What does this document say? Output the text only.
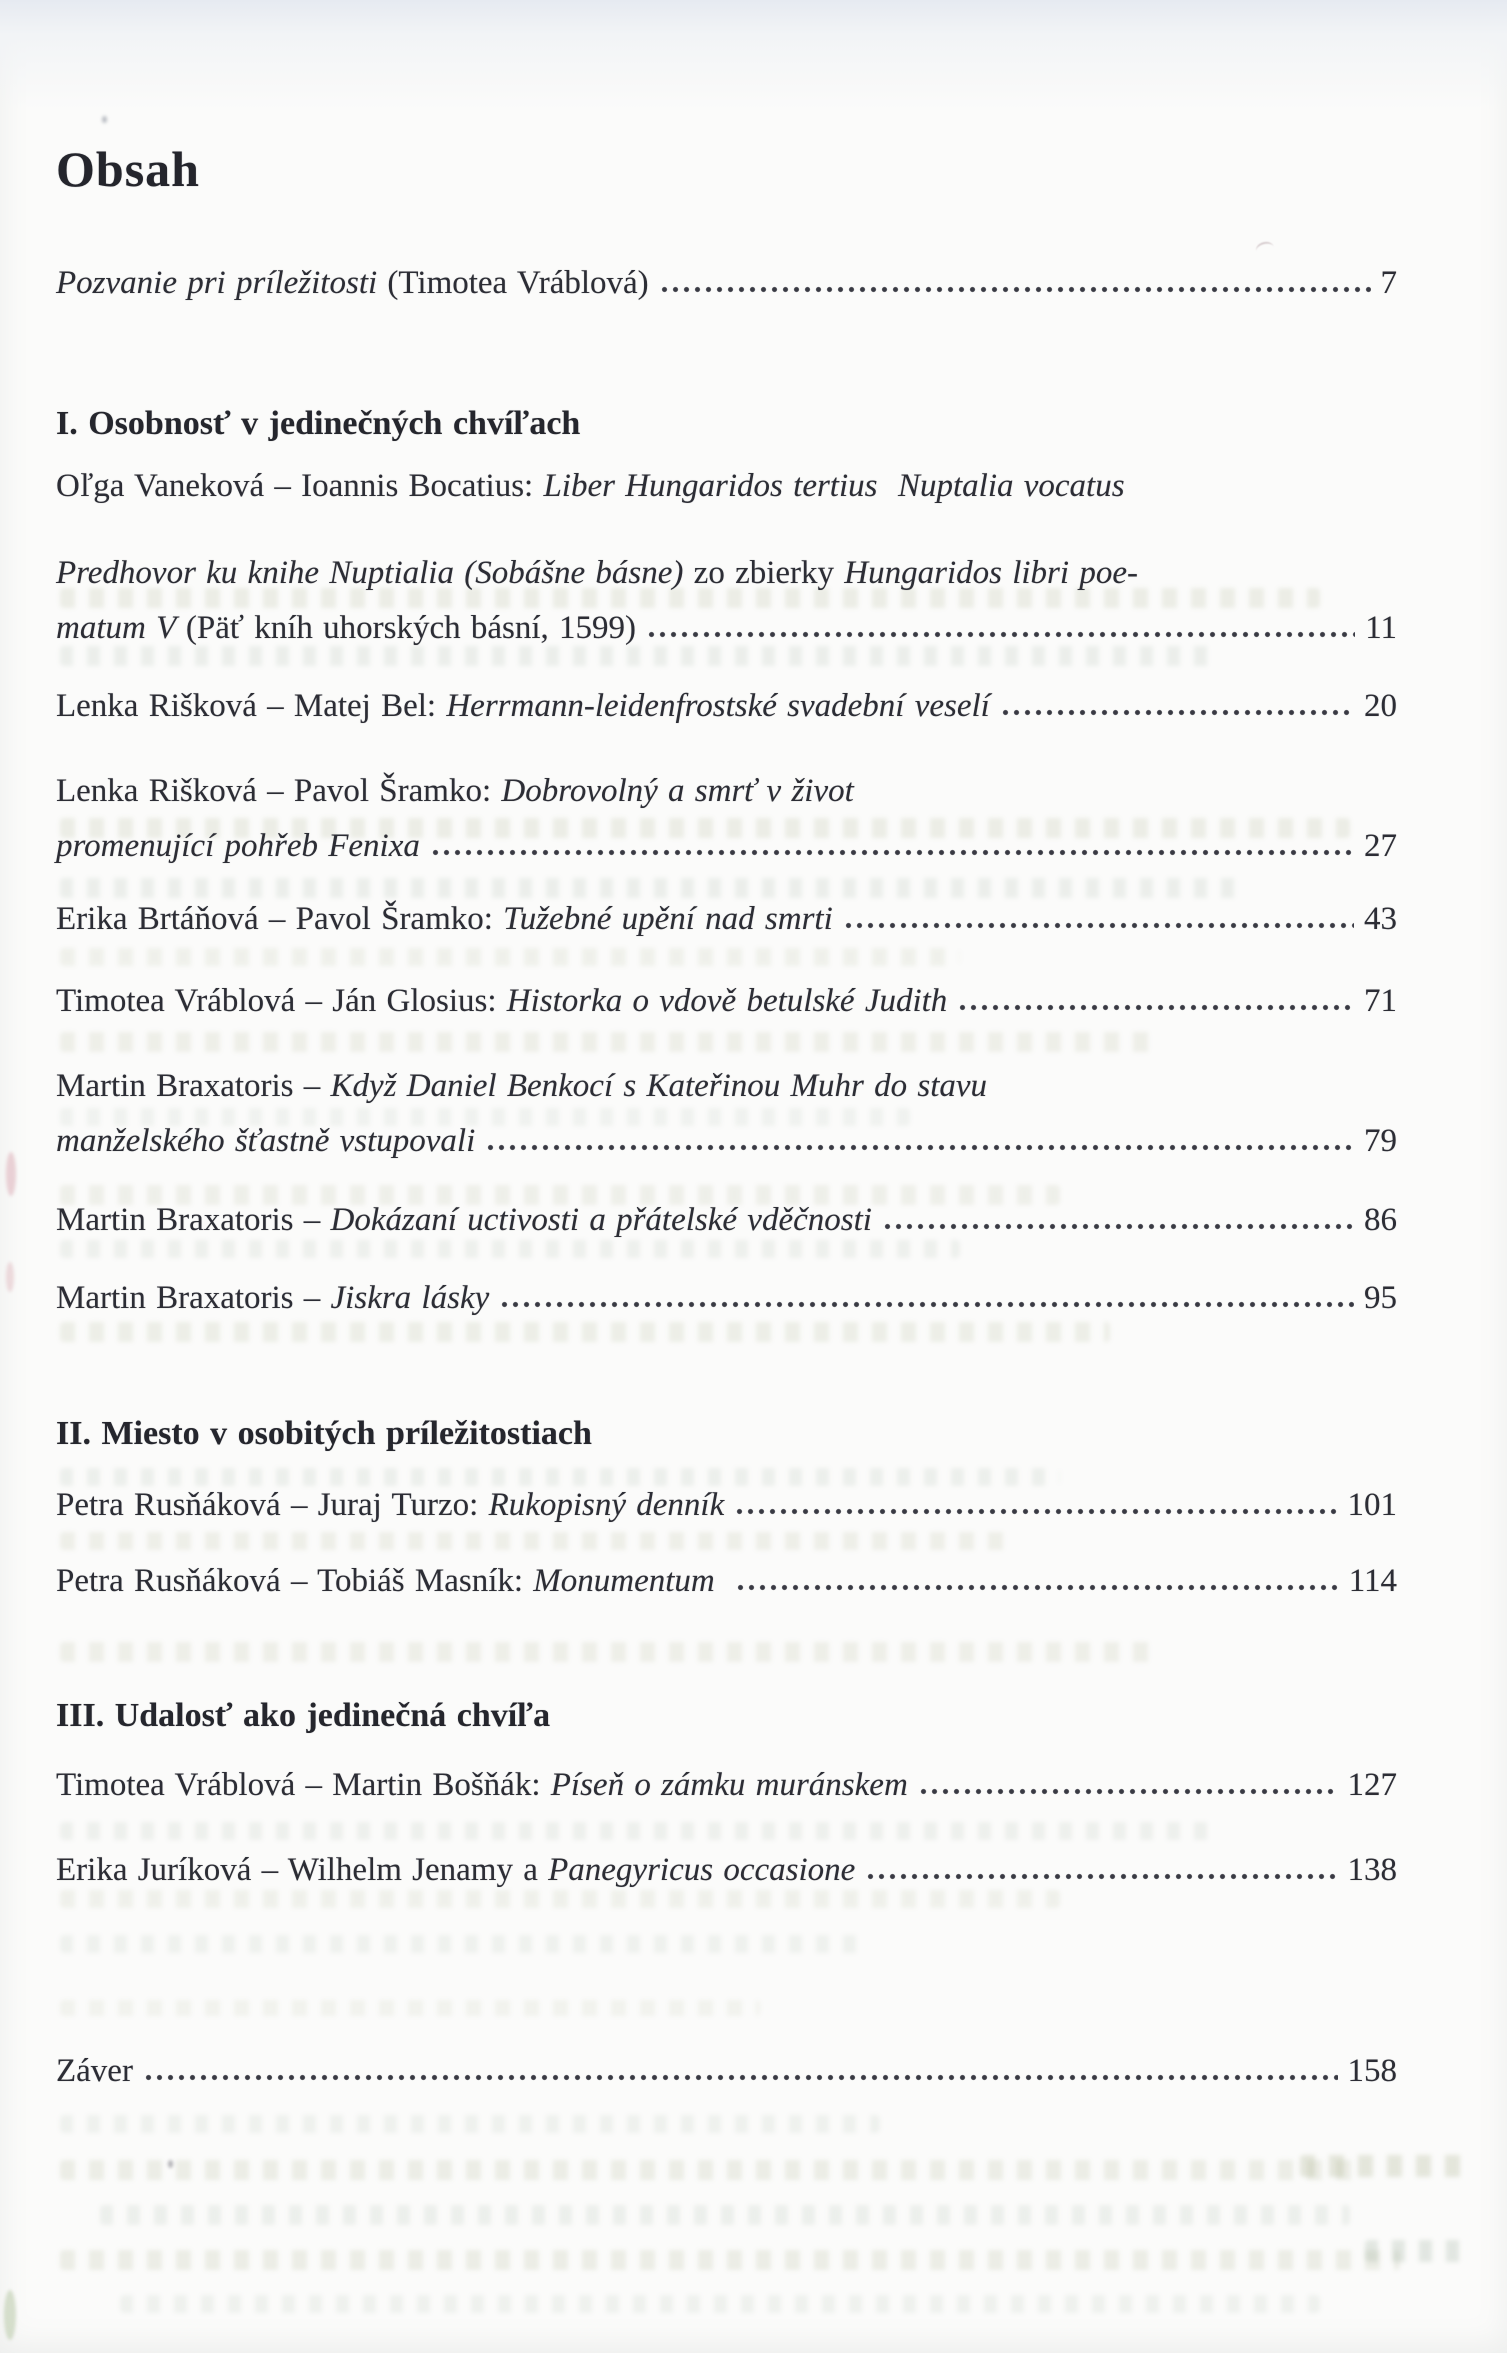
Obsah
Pozvanie pri príležitosti (Timotea Vráblová)	7
I. Osobnosť v jedinečných chvíľach
Oľga Vaneková – Ioannis Bocatius: Liber Hungaridos tertius  Nuptalia vocatus
Predhovor ku knihe Nuptialia (Sobášne básne) zo zbierky Hungaridos libri poe-
matum V (Päť kníh uhorských básní, 1599)	11
Lenka Rišková – Matej Bel: Herrmann-leidenfrostské svadební veselí	20
Lenka Rišková – Pavol Šramko: Dobrovolný a smrť v život
promenující pohřeb Fenixa	27
Erika Brtáňová – Pavol Šramko: Tužebné upění nad smrti	43
Timotea Vráblová – Ján Glosius: Historka o vdově betulské Judith	71
Martin Braxatoris – Když Daniel Benkocí s Kateřinou Muhr do stavu
manželského šťastně vstupovali	79
Martin Braxatoris – Dokázaní uctivosti a přátelské vděčnosti	86
Martin Braxatoris – Jiskra lásky	95
II. Miesto v osobitých príležitostiach
Petra Rusňáková – Juraj Turzo: Rukopisný denník	101
Petra Rusňáková – Tobiáš Masník: Monumentum	114
III. Udalosť ako jedinečná chvíľa
Timotea Vráblová – Martin Bošňák: Píseň o zámku muránskem	127
Erika Juríková – Wilhelm Jenamy a Panegyricus occasione	138
Záver	158
